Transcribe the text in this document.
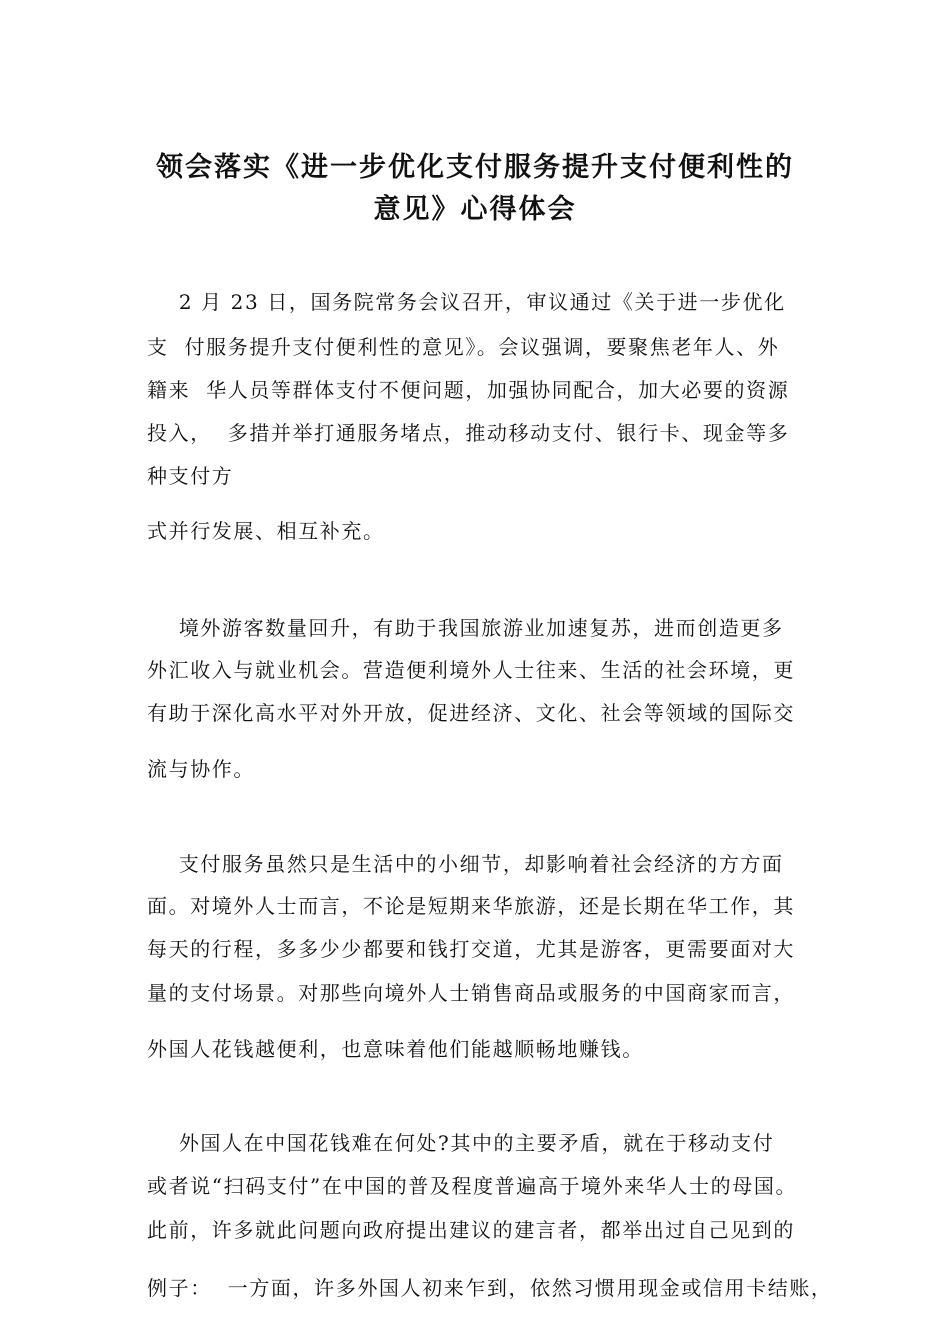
领会落实《进一步优化支付服务提升支付便利性的
意见》心得体会
2 月 23 日，国务院常务会议召开，审议通过《关于进一步优化
支  付服务提升支付便利性的意见》。会议强调，要聚焦老年人、外
籍来  华人员等群体支付不便问题，加强协同配合，加大必要的资源
投入，  多措并举打通服务堵点，推动移动支付、银行卡、现金等多
种支付方
式并行发展、相互补充。
境外游客数量回升，有助于我国旅游业加速复苏，进而创造更多
外汇收入与就业机会。营造便利境外人士往来、生活的社会环境，更
有助于深化高水平对外开放，促进经济、文化、社会等领域的国际交
流与协作。
支付服务虽然只是生活中的小细节，却影响着社会经济的方方面
面。对境外人士而言，不论是短期来华旅游，还是长期在华工作，其
每天的行程，多多少少都要和钱打交道，尤其是游客，更需要面对大
量的支付场景。对那些向境外人士销售商品或服务的中国商家而言，
外国人花钱越便利，也意味着他们能越顺畅地赚钱。
外国人在中国花钱难在何处?其中的主要矛盾，就在于移动支付
或者说“扫码支付”在中国的普及程度普遍高于境外来华人士的母国。
此前，许多就此问题向政府提出建议的建言者，都举出过自己见到的
例子：  一方面，许多外国人初来乍到，依然习惯用现金或信用卡结账，
